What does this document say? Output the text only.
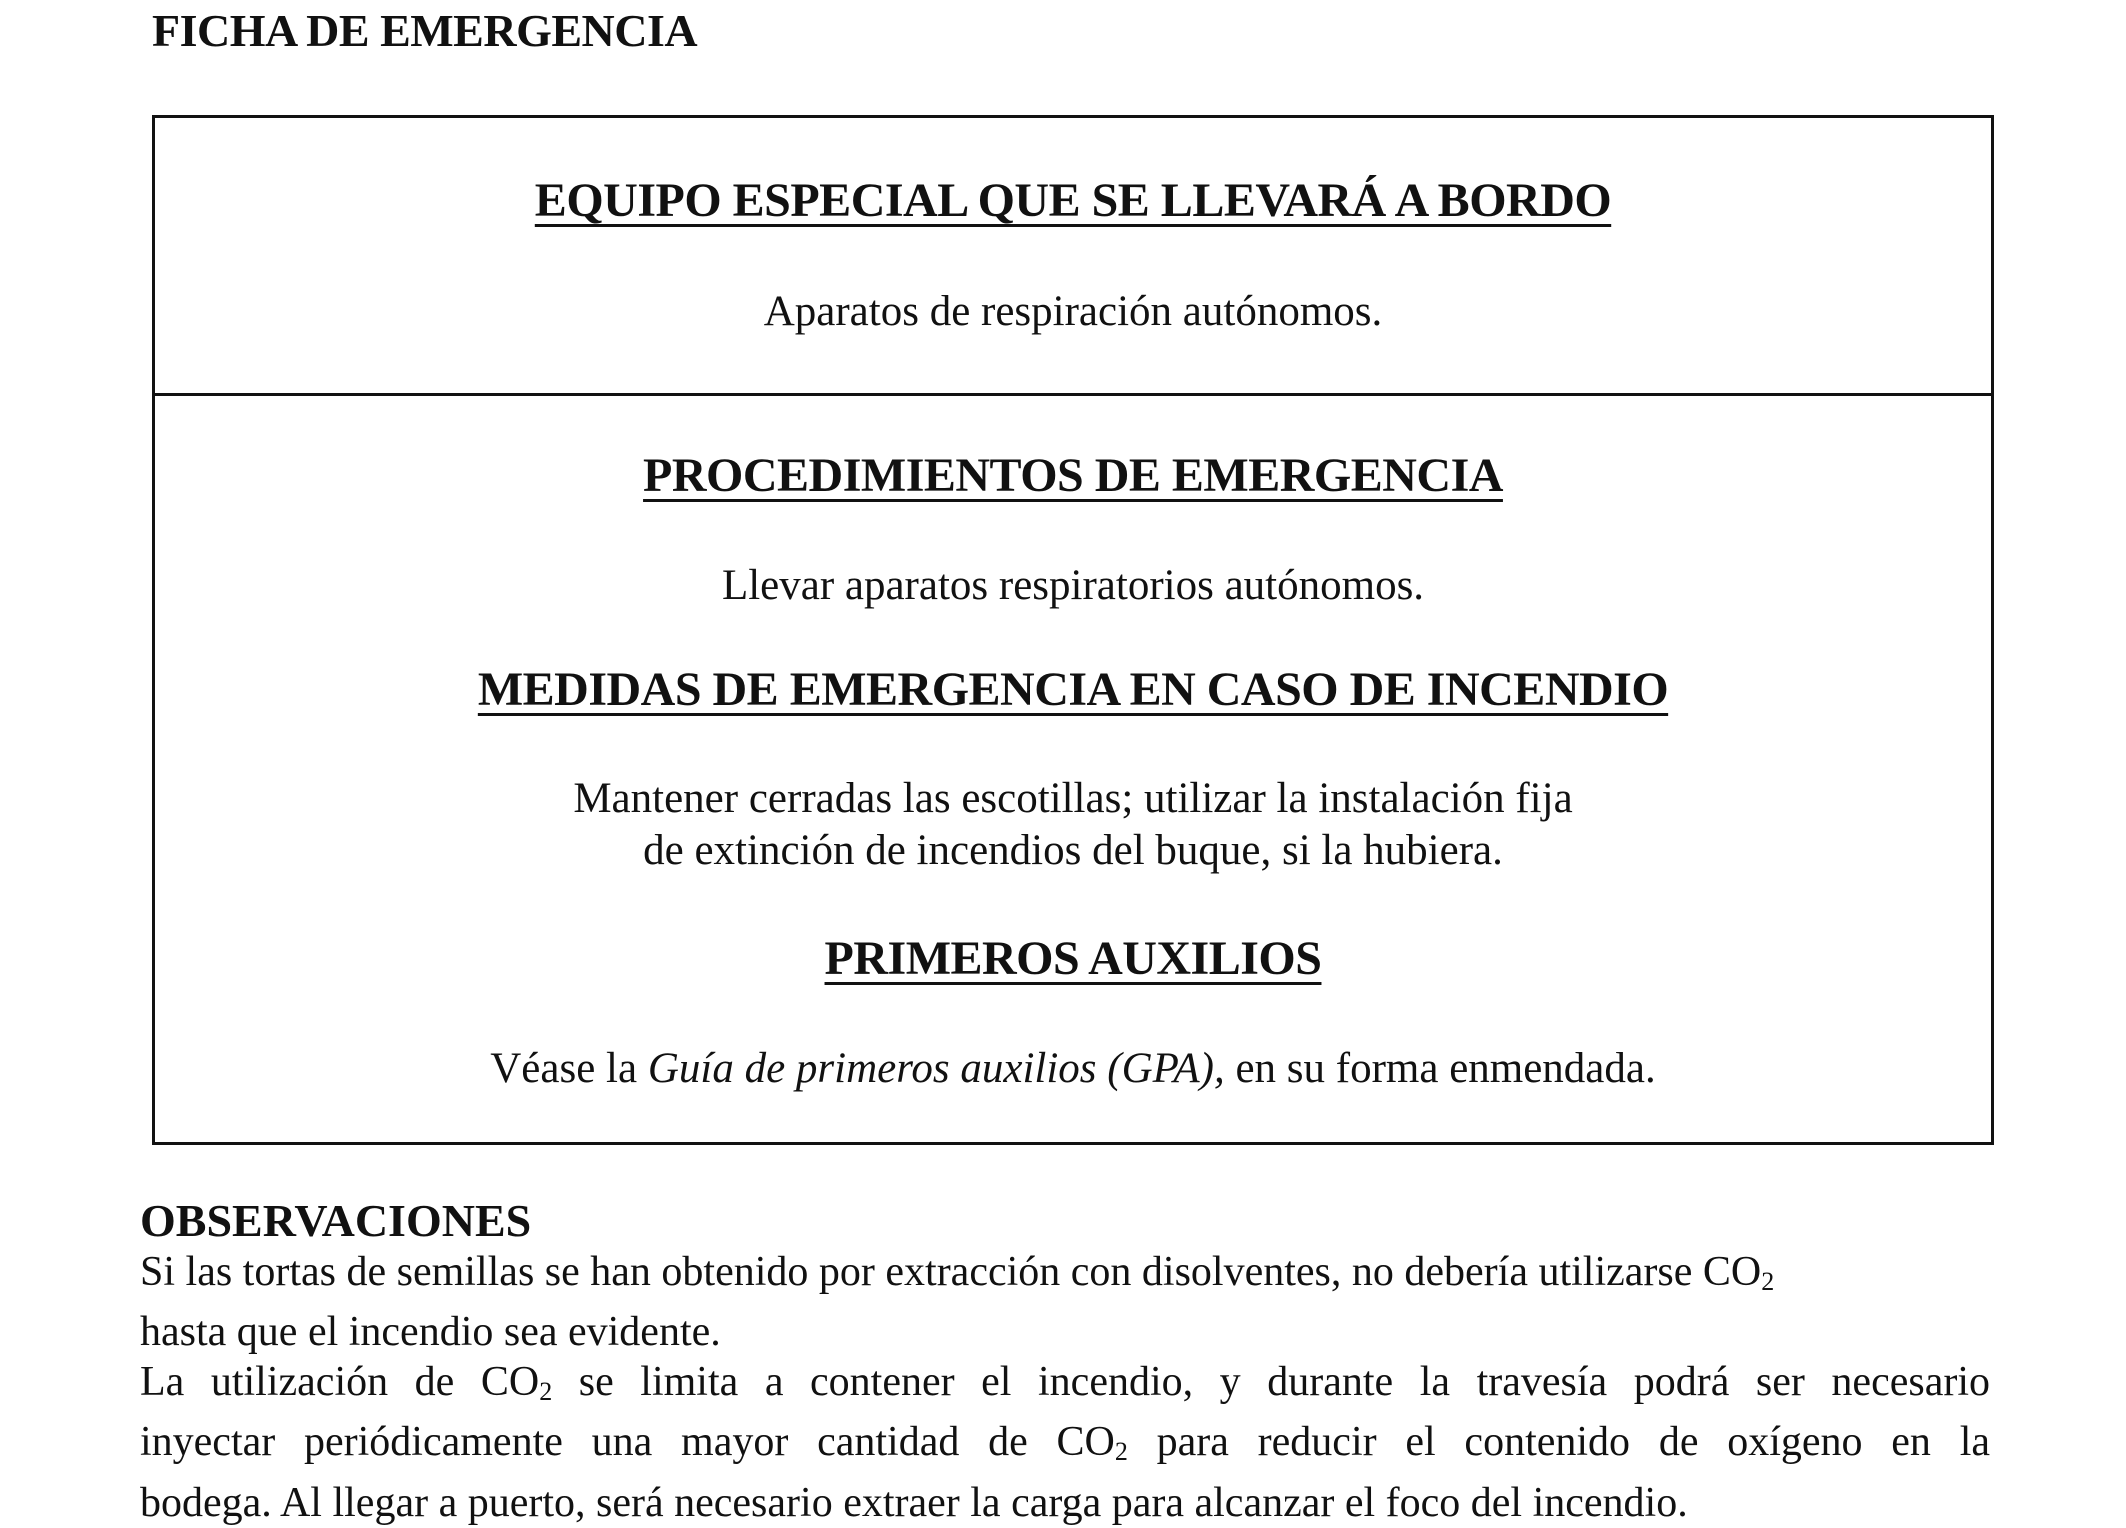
FICHA DE EMERGENCIA
EQUIPO ESPECIAL QUE SE LLEVARÁ A BORDO
Aparatos de respiración autónomos.
PROCEDIMIENTOS DE EMERGENCIA
Llevar aparatos respiratorios autónomos.
MEDIDAS DE EMERGENCIA EN CASO DE INCENDIO
Mantener cerradas las escotillas; utilizar la instalación fija
de extinción de incendios del buque, si la hubiera.
PRIMEROS AUXILIOS
Véase la Guía de primeros auxilios (GPA), en su forma enmendada.
OBSERVACIONES

Si las tortas de semillas se han obtenido por extracción con disolventes, no debería utilizarse $CO_2$
hasta que el incendio sea evidente.

La utilización de $CO_2$ se limita a contener el incendio, y durante la travesía podrá ser necesario
inyectar periódicamente una mayor cantidad de $CO_2$ para reducir el contenido de oxígeno en la
bodega. Al llegar a puerto, será necesario extraer la carga para alcanzar el foco del incendio.
